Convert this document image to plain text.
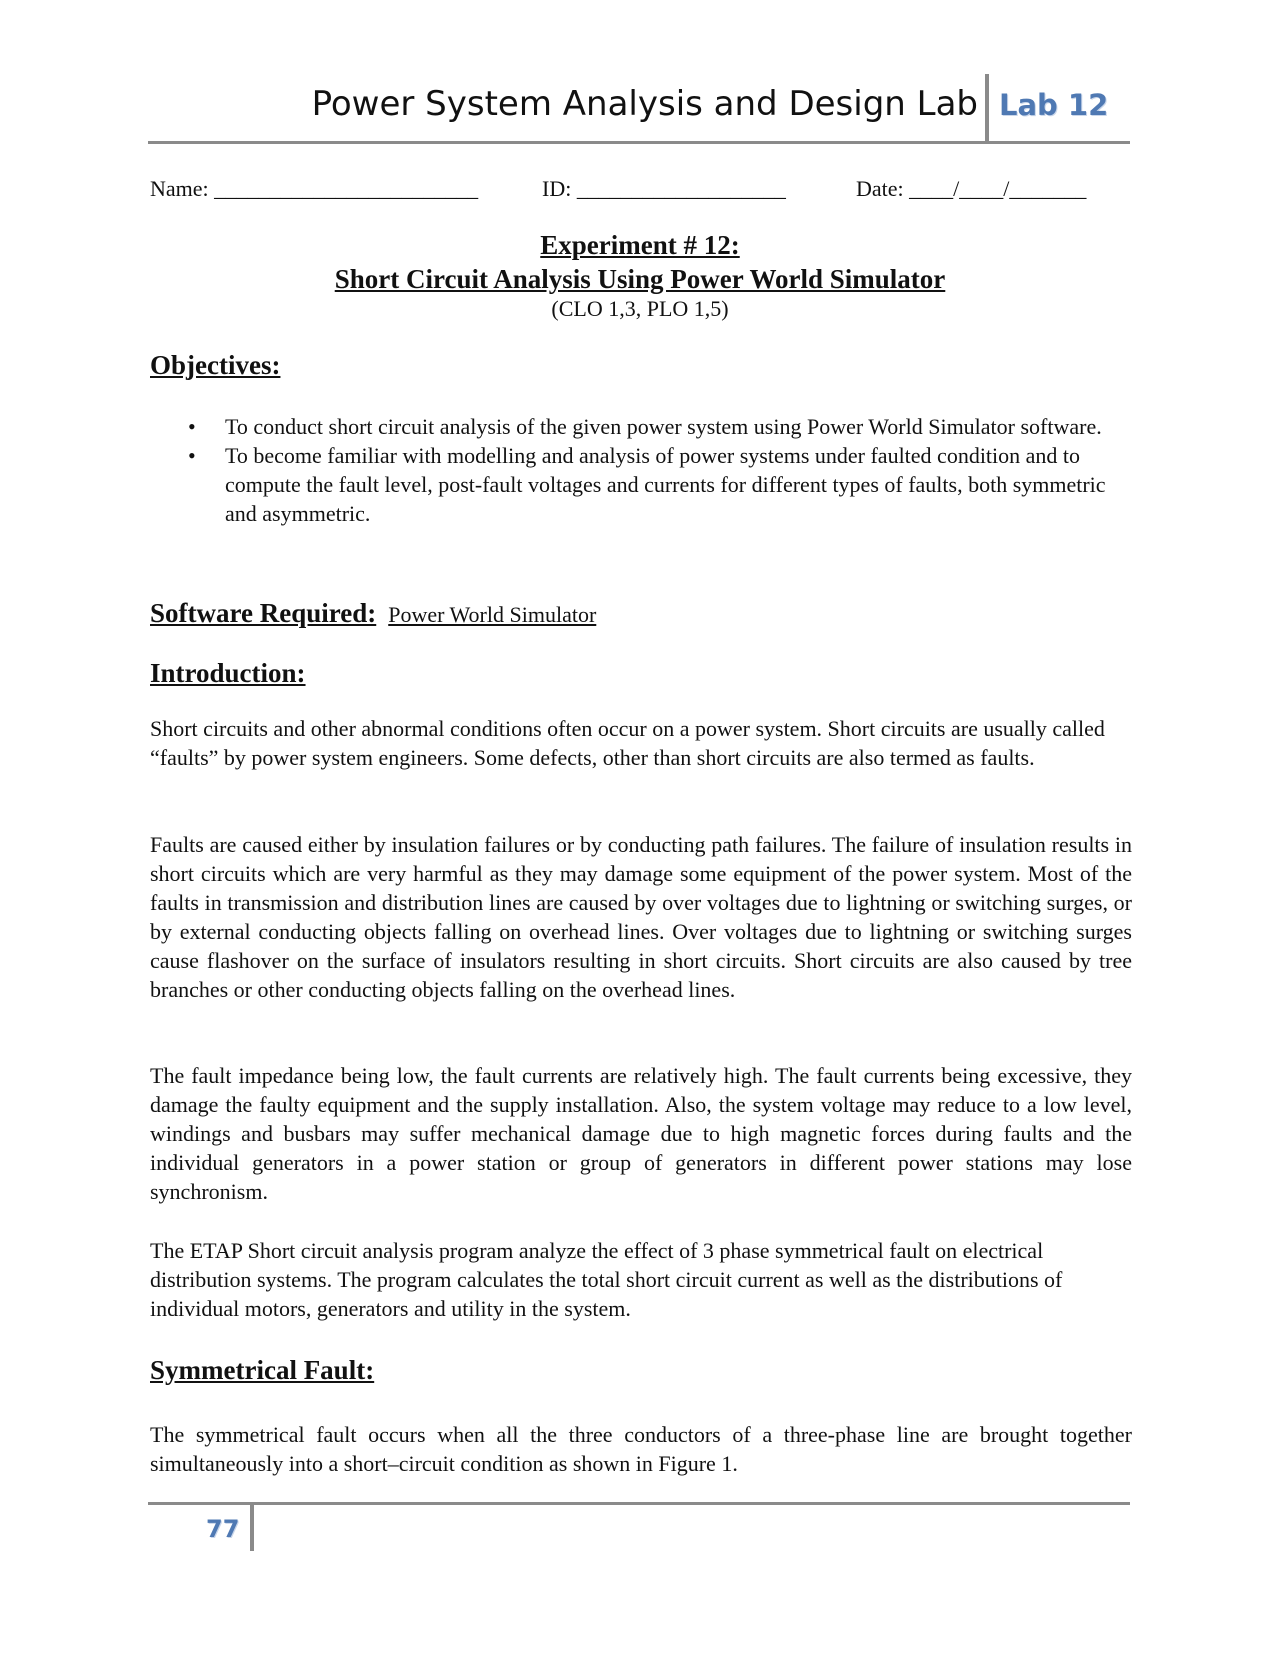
Power System Analysis and Design Lab Lab 12
Name: ________________________	ID: ___________________	Date: ____/____/_______
Experiment # 12:
Short Circuit Analysis Using Power World Simulator
(CLO 1,3, PLO 1,5)
Objectives:
• To conduct short circuit analysis of the given power system using Power World Simulator software.
• To become familiar with modelling and analysis of power systems under faulted condition and to compute the fault level, post-fault voltages and currents for different types of faults, both symmetric and asymmetric.
Software Required: Power World Simulator
Introduction:

Short circuits and other abnormal conditions often occur on a power system. Short circuits are usually called “faults” by power system engineers. Some defects, other than short circuits are also termed as faults.

Faults are caused either by insulation failures or by conducting path failures. The failure of insulation results in short circuits which are very harmful as they may damage some equipment of the power system. Most of the faults in transmission and distribution lines are caused by over voltages due to lightning or switching surges, or by external conducting objects falling on overhead lines. Over voltages due to lightning or switching surges cause flashover on the surface of insulators resulting in short circuits. Short circuits are also caused by tree branches or other conducting objects falling on the overhead lines.

The fault impedance being low, the fault currents are relatively high. The fault currents being excessive, they damage the faulty equipment and the supply installation. Also, the system voltage may reduce to a low level, windings and busbars may suffer mechanical damage due to high magnetic forces during faults and the individual generators in a power station or group of generators in different power stations may lose synchronism.

The ETAP Short circuit analysis program analyze the effect of 3 phase symmetrical fault on electrical distribution systems. The program calculates the total short circuit current as well as the distributions of individual motors, generators and utility in the system.

Symmetrical Fault:

The symmetrical fault occurs when all the three conductors of a three-phase line are brought together simultaneously into a short–circuit condition as shown in Figure 1.

77
